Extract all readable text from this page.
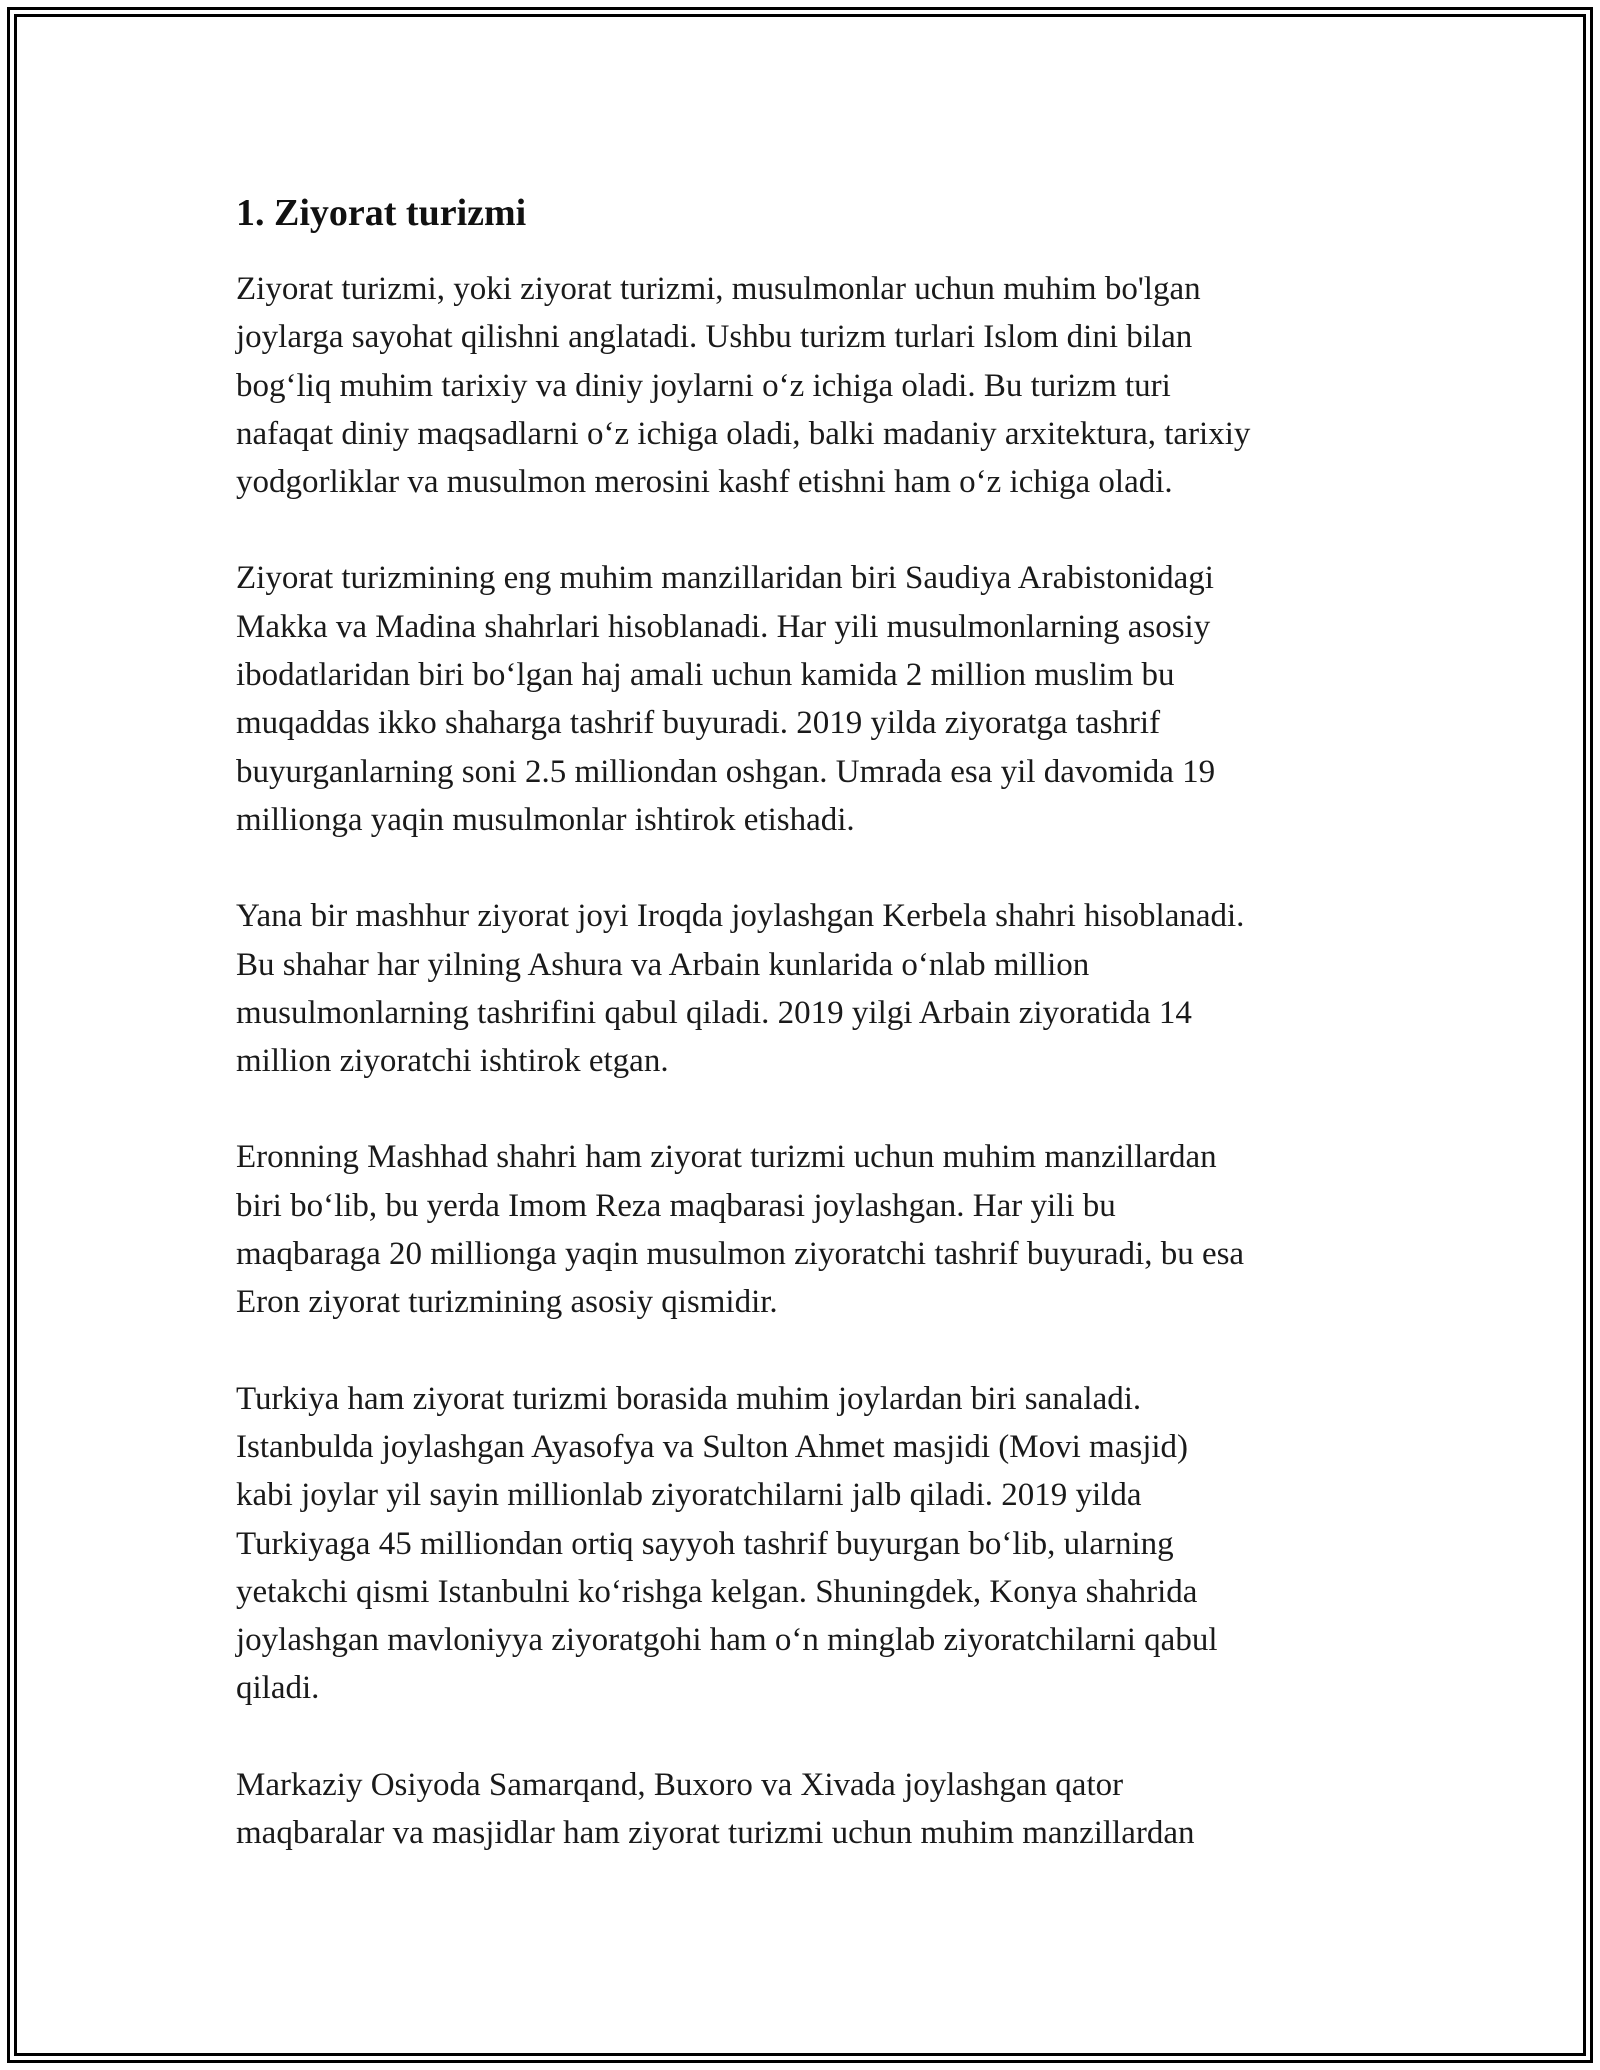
1. Ziyorat turizmi

Ziyorat turizmi, yoki ziyorat turizmi, musulmonlar uchun muhim bo'lgan
joylarga sayohat qilishni anglatadi. Ushbu turizm turlari Islom dini bilan
bog‘liq muhim tarixiy va diniy joylarni o‘z ichiga oladi. Bu turizm turi
nafaqat diniy maqsadlarni o‘z ichiga oladi, balki madaniy arxitektura, tarixiy
yodgorliklar va musulmon merosini kashf etishni ham o‘z ichiga oladi.

Ziyorat turizmining eng muhim manzillaridan biri Saudiya Arabistonidagi
Makka va Madina shahrlari hisoblanadi. Har yili musulmonlarning asosiy
ibodatlaridan biri bo‘lgan haj amali uchun kamida 2 million muslim bu
muqaddas ikko shaharga tashrif buyuradi. 2019 yilda ziyoratga tashrif
buyurganlarning soni 2.5 milliondan oshgan. Umrada esa yil davomida 19
millionga yaqin musulmonlar ishtirok etishadi.

Yana bir mashhur ziyorat joyi Iroqda joylashgan Kerbela shahri hisoblanadi.
Bu shahar har yilning Ashura va Arbain kunlarida o‘nlab million
musulmonlarning tashrifini qabul qiladi. 2019 yilgi Arbain ziyoratida 14
million ziyoratchi ishtirok etgan.

Eronning Mashhad shahri ham ziyorat turizmi uchun muhim manzillardan
biri bo‘lib, bu yerda Imom Reza maqbarasi joylashgan. Har yili bu
maqbaraga 20 millionga yaqin musulmon ziyoratchi tashrif buyuradi, bu esa
Eron ziyorat turizmining asosiy qismidir.

Turkiya ham ziyorat turizmi borasida muhim joylardan biri sanaladi.
Istanbulda joylashgan Ayasofya va Sulton Ahmet masjidi (Movi masjid)
kabi joylar yil sayin millionlab ziyoratchilarni jalb qiladi. 2019 yilda
Turkiyaga 45 milliondan ortiq sayyoh tashrif buyurgan bo‘lib, ularning
yetakchi qismi Istanbulni ko‘rishga kelgan. Shuningdek, Konya shahrida
joylashgan mavloniyya ziyoratgohi ham o‘n minglab ziyoratchilarni qabul
qiladi.

Markaziy Osiyoda Samarqand, Buxoro va Xivada joylashgan qator
maqbaralar va masjidlar ham ziyorat turizmi uchun muhim manzillardan
